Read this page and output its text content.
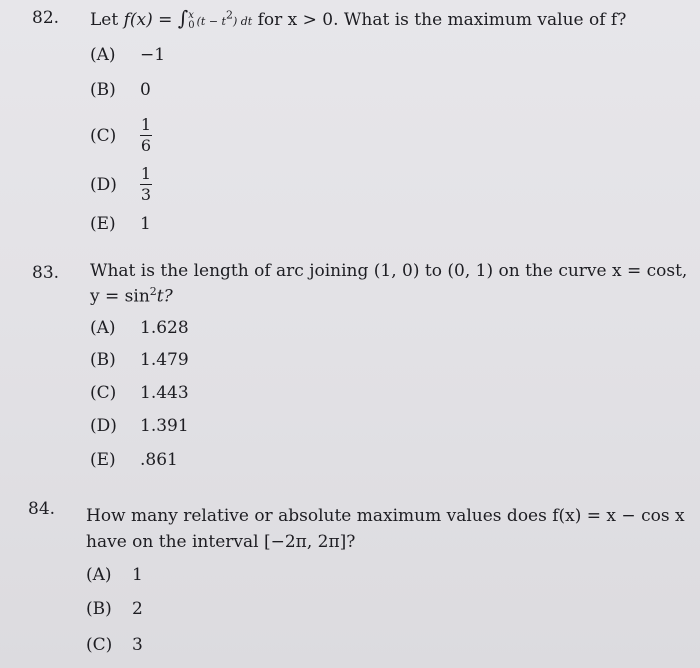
82. Let f(x) = ∫ x
0 $(t - t^2)$ dt for x > 0. What is the maximum value of f?
(A)	−1
(B)	0
(C)	$\frac{1}{6}$
(D)	$\frac{1}{3}$
(E)	1
83. What is the length of arc joining (1, 0) to (0, 1) on the curve x = cost,
$y = \sin^2t$?
(A)	1.628
(B)	1.479
(C)	1.443
(D)	1.391
(E)	.861
84. How many relative or absolute maximum values does f(x) = x − cos x
have on the interval [−2π, 2π]?
(A)	1
(B)	2
(C)	3
